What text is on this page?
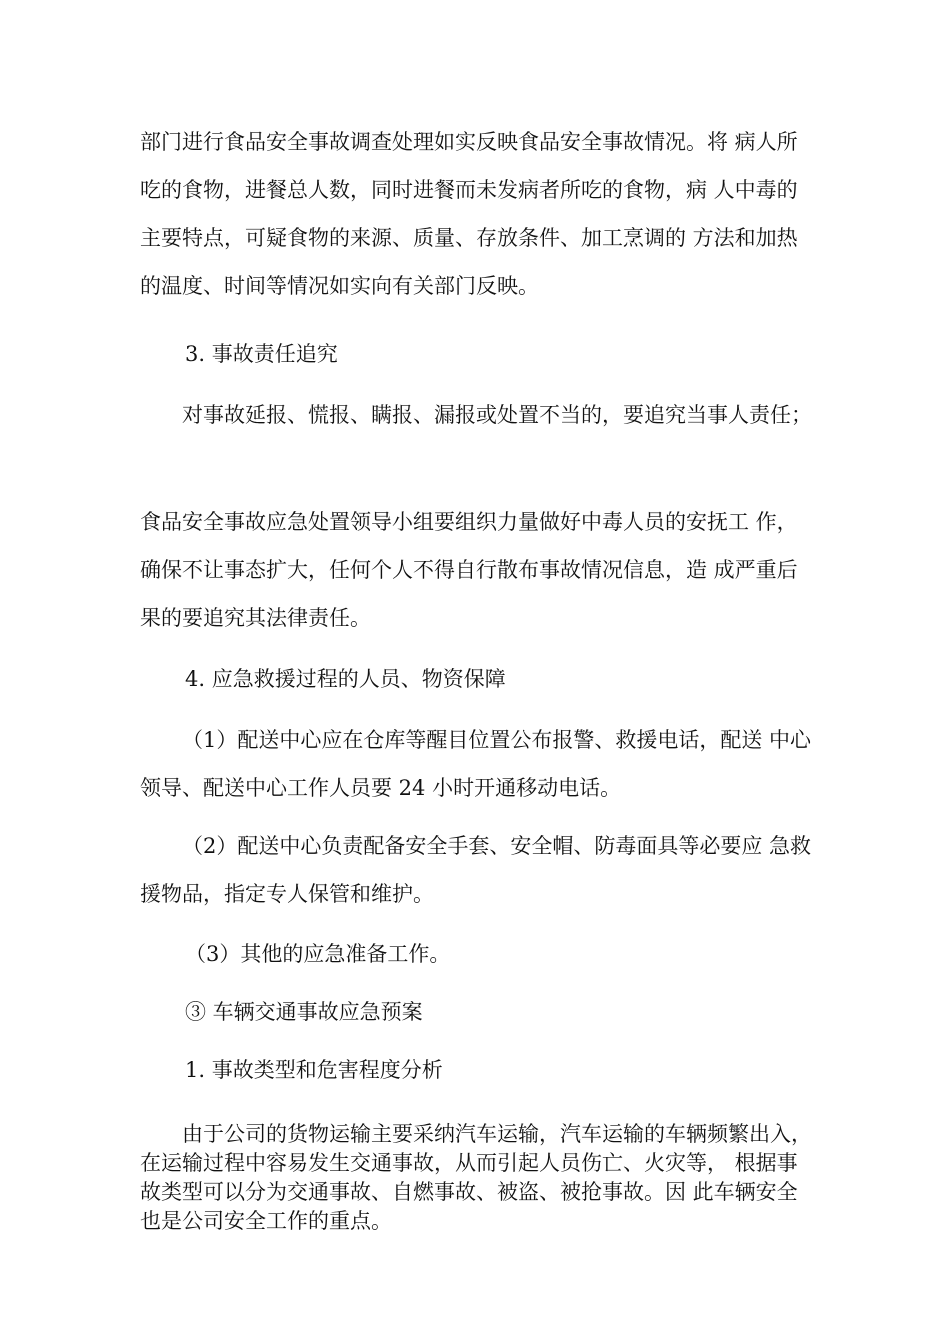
部门进行食品安全事故调查处理如实反映食品安全事故情况。将 病人所吃的食物，进餐总人数，同时进餐而未发病者所吃的食物，病 人中毒的主要特点，可疑食物的来源、质量、存放条件、加工烹调的 方法和加热的温度、时间等情况如实向有关部门反映。

3. 事故责任追究

对事故延报、慌报、瞒报、漏报或处置不当的，要追究当事人责任；

食品安全事故应急处置领导小组要组织力量做好中毒人员的安抚工 作，确保不让事态扩大，任何个人不得自行散布事故情况信息，造 成严重后果的要追究其法律责任。

4. 应急救援过程的人员、物资保障

（1）配送中心应在仓库等醒目位置公布报警、救援电话，配送 中心领导、配送中心工作人员要 24 小时开通移动电话。

（2）配送中心负责配备安全手套、安全帽、防毒面具等必要应 急救援物品，指定专人保管和维护。

（3）其他的应急准备工作。

③ 车辆交通事故应急预案

1. 事故类型和危害程度分析

由于公司的货物运输主要采纳汽车运输，汽车运输的车辆频繁出入，在运输过程中容易发生交通事故，从而引起人员伤亡、火灾等， 根据事故类型可以分为交通事故、自燃事故、被盗、被抢事故。因 此车辆安全也是公司安全工作的重点。
